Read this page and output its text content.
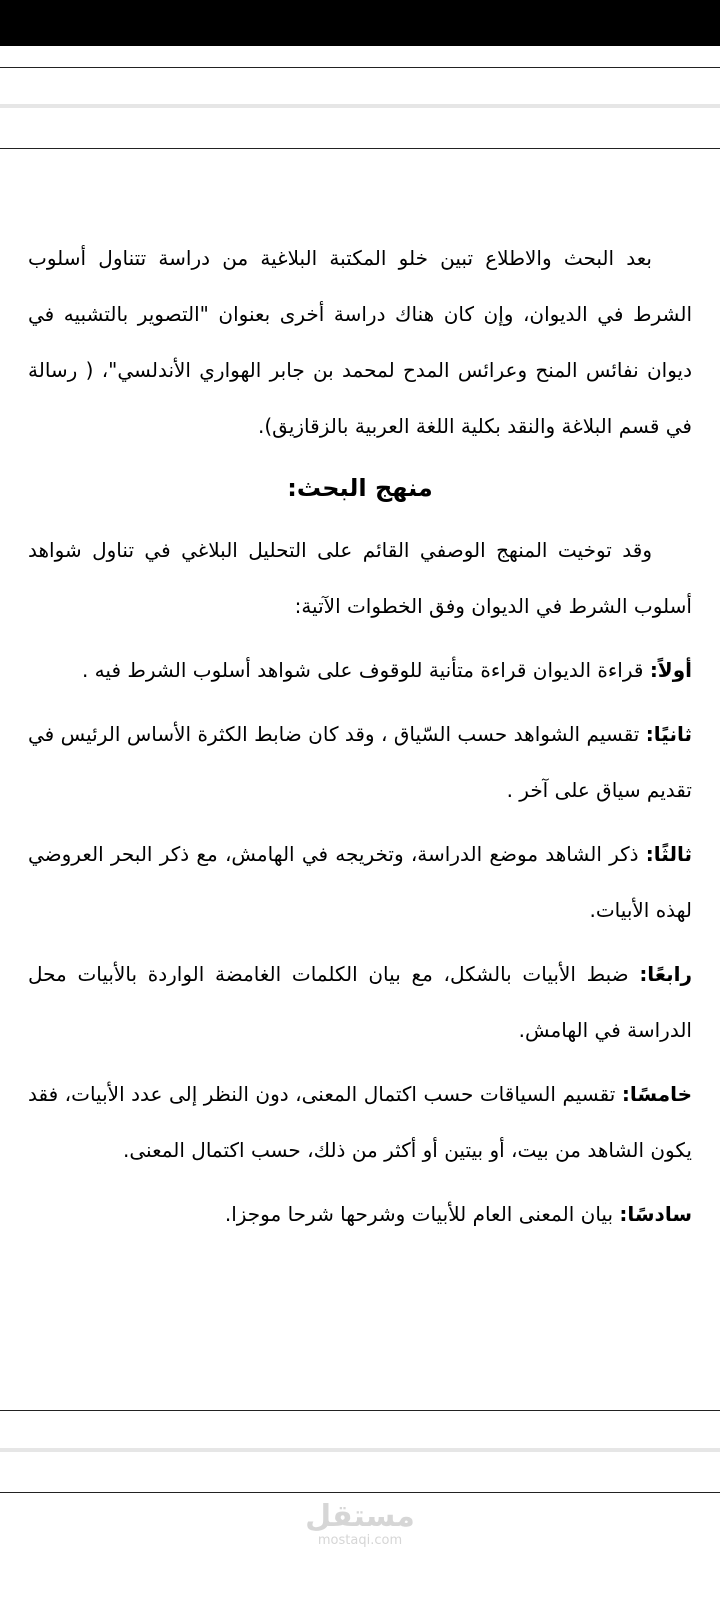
بعد البحث والاطلاع تبين خلو المكتبة البلاغية من دراسة تتناول أسلوب الشرط في الديوان، وإن كان هناك دراسة أخرى بعنوان "التصوير بالتشبيه في ديوان نفائس المنح وعرائس المدح لمحمد بن جابر الهواري الأندلسي"، ( رسالة في قسم البلاغة والنقد بكلية اللغة العربية بالزقازيق).

منهج البحث:

وقد توخيت المنهج الوصفي القائم على التحليل البلاغي في تناول شواهد أسلوب الشرط في الديوان وفق الخطوات الآتية:

أولاً: قراءة الديوان قراءة متأنية للوقوف على شواهد أسلوب الشرط فيه .

ثانيًا: تقسيم الشواهد حسب السّياق ، وقد كان ضابط الكثرة الأساس الرئيس في تقديم سياق على آخر .

ثالثًا: ذكر الشاهد موضع الدراسة، وتخريجه في الهامش، مع ذكر البحر العروضي لهذه الأبيات.

رابعًا: ضبط الأبيات بالشكل، مع بيان الكلمات الغامضة الواردة بالأبيات محل الدراسة في الهامش.

خامسًا: تقسيم السياقات حسب اكتمال المعنى، دون النظر إلى عدد الأبيات، فقد يكون الشاهد من بيت، أو بيتين أو أكثر من ذلك، حسب اكتمال المعنى.

سادسًا: بيان المعنى العام للأبيات وشرحها شرحا موجزا.

مستقل
mostaqi.com
